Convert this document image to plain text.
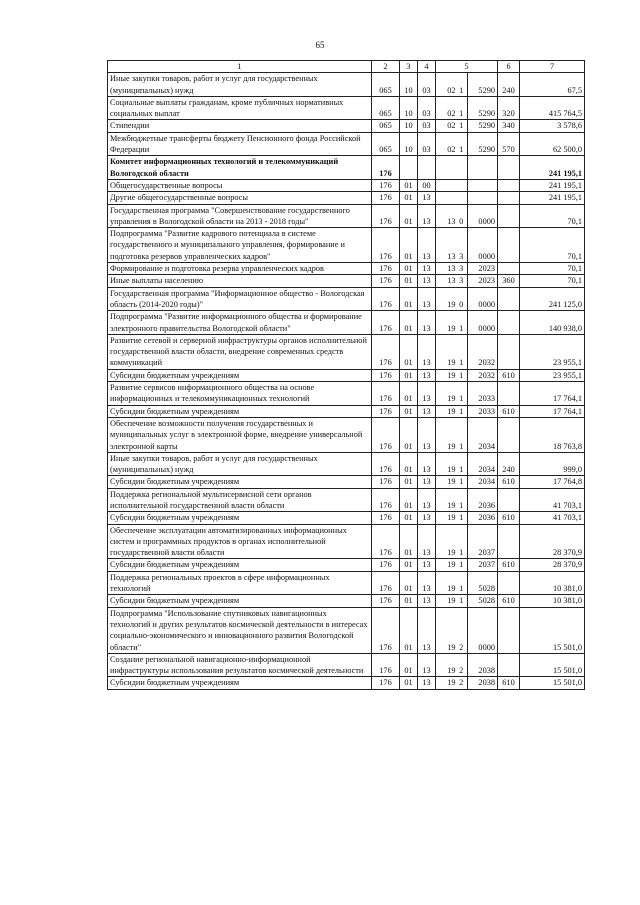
65
1	2	3	4	5			6	7
Иные закупки товаров, работ и услуг для государственных (муниципальных) нужд	065	10	03	02	1	5290	240	67,5
Социальные выплаты гражданам, кроме публичных нормативных социальных выплат	065	10	03	02	1	5290	320	415 764,5
Стипендии	065	10	03	02	1	5290	340	3 578,6
Межбюджетные трансферты бюджету Пенсионного фонда Российской Федерации	065	10	03	02	1	5290	570	62 500,0
Комитет информационных технологий и телекоммуникаций Вологодской области	176							241 195,1
Общегосударственные вопросы	176	01	00					241 195,1
Другие общегосударственные вопросы	176	01	13					241 195,1
Государственная программа "Совершенствование государственного управления в Вологодской области на 2013 - 2018 годы"	176	01	13	13	0	0000		70,1
Подпрограмма "Развитие кадрового потенциала в системе государственного и муниципального управления, формирование и подготовка резервов управленческих кадров"	176	01	13	13	3	0000		70,1
Формирование и подготовка резерва управленческих кадров	176	01	13	13	3	2023		70,1
Иные выплаты населению	176	01	13	13	3	2023	360	70,1
Государственная программа "Информационное общество - Вологодская область (2014-2020 годы)"	176	01	13	19	0	0000		241 125,0
Подпрограмма "Развитие информационного общества и формирование электронного правительства Вологодской области"	176	01	13	19	1	0000		140 938,0
Развитие сетевой и серверной инфраструктуры органов исполнительной государственной власти области, внедрение современных средств коммуникаций	176	01	13	19	1	2032		23 955,1
Субсидии бюджетным учреждениям	176	01	13	19	1	2032	610	23 955,1
Развитие сервисов информационного общества на основе информационных и телекоммуникационных технологий	176	01	13	19	1	2033		17 764,1
Субсидии бюджетным учреждениям	176	01	13	19	1	2033	610	17 764,1
Обеспечение возможности получения государственных и муниципальных услуг в электронной форме, внедрение универсальной электронной карты	176	01	13	19	1	2034		18 763,8
Иные закупки товаров, работ и услуг для государственных (муниципальных) нужд	176	01	13	19	1	2034	240	999,0
Субсидии бюджетным учреждениям	176	01	13	19	1	2034	610	17 764,8
Поддержка региональной мультисервисной сети органов исполнительной государственной власти области	176	01	13	19	1	2036		41 703,1
Субсидии бюджетным учреждениям	176	01	13	19	1	2036	610	41 703,1
Обеспечение эксплуатации автоматизированных информационных систем и программных продуктов в органах исполнительной государственной власти области	176	01	13	19	1	2037		28 370,9
Субсидии бюджетным учреждениям	176	01	13	19	1	2037	610	28 370,9
Поддержка региональных проектов в сфере информационных технологий	176	01	13	19	1	5028		10 381,0
Субсидии бюджетным учреждениям	176	01	13	19	1	5028	610	10 381,0
Подпрограмма "Использование спутниковых навигационных технологий и других результатов космической деятельности в интересах социально-экономического и инновационного развития Вологодской области"	176	01	13	19	2	0000		15 501,0
Создание региональной навигационно-информационной инфраструктуры использования результатов космической деятельности	176	01	13	19	2	2038		15 501,0
Субсидии бюджетным учреждениям	176	01	13	19	2	2038	610	15 501,0
